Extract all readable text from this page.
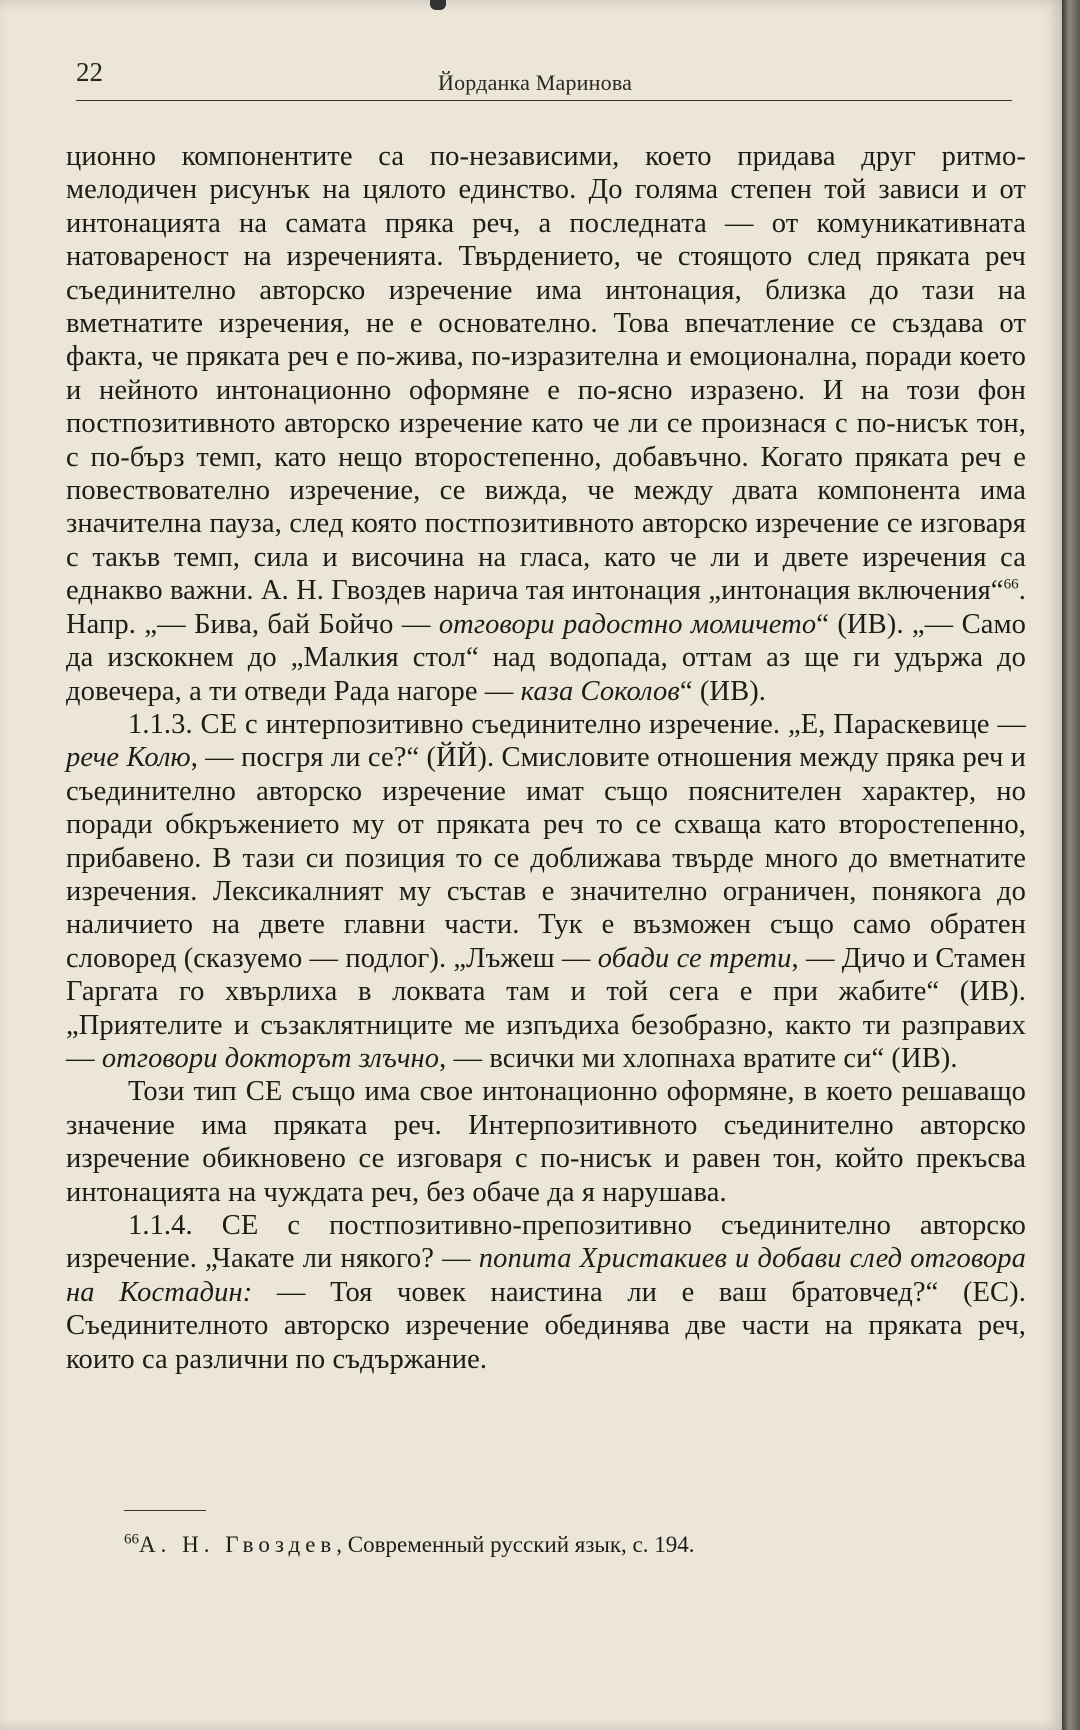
22	Йорданка Маринова

ционно компонентите са по-независими, което придава друг ритмо-мелодичен рисунък на цялото единство. До голяма степен той зависи и от интонацията на самата пряка реч, а последната — от комуникативната натовареност на изреченията. Твърдението, че стоящото след пряката реч съединително авторско изречение има интонация, близка до тази на вметнатите изречения, не е основателно. Това впечатление се създава от факта, че пряката реч е по-жива, по-изразителна и емоционална, поради което и нейното интонационно оформяне е по-ясно изразено. И на този фон постпозитивното авторско изречение като че ли се произнася с по-нисък тон, с по-бърз темп, като нещо второстепенно, добавъчно. Когато пряката реч е повествователно изречение, се вижда, че между двата компонента има значителна пауза, след която постпозитивното авторско изречение се изговаря с такъв темп, сила и височина на гласа, като че ли и двете изречения са еднакво важни. А. Н. Гвоздев нарича тая интонация „интонация включения“$^{66}$. Напр. „— Бива, бай Бойчо — отговори радостно момичето“ (ИВ). „— Само да изскокнем до „Малкия стол“ над водопада, оттам аз ще ги удържа до довечера, а ти отведи Рада нагоре — каза Соколов“ (ИВ).

1.1.3. СЕ с интерпозитивно съединително изречение. „Е, Параскевице — рече Колю, — посгря ли се?“ (ЙЙ). Смисловите отношения между пряка реч и съединително авторско изречение имат също пояснителен характер, но поради обкръжението му от пряката реч то се схваща като второстепенно, прибавено. В тази си позиция то се доближава твърде много до вметнатите изречения. Лексикалният му състав е значително ограничен, понякога до наличието на двете главни части. Тук е възможен също само обратен словоред (сказуемо — подлог). „Лъжеш — обади се трети, — Дичо и Стамен Гаргата го хвърлиха в локвата там и той сега е при жабите“ (ИВ). „Приятелите и съзаклятниците ме изпъдиха безобразно, както ти разправих — отговори докторът злъчно, — всички ми хлопнаха вратите си“ (ИВ).

Този тип СЕ също има свое интонационно оформяне, в което решаващо значение има пряката реч. Интерпозитивното съединително авторско изречение обикновено се изговаря с по-нисък и равен тон, който прекъсва интонацията на чуждата реч, без обаче да я нарушава.

1.1.4. СЕ с постпозитивно-препозитивно съединително авторско изречение. „Чакате ли някого? — попита Христакиев и добави след отговора на Костадин: — Тоя човек наистина ли е ваш братовчед?“ (ЕС). Съединителното авторско изречение обединява две части на пряката реч, които са различни по съдържание.

$^{66}$А. Н. Гвоздев, Современный русский язык, с. 194.
